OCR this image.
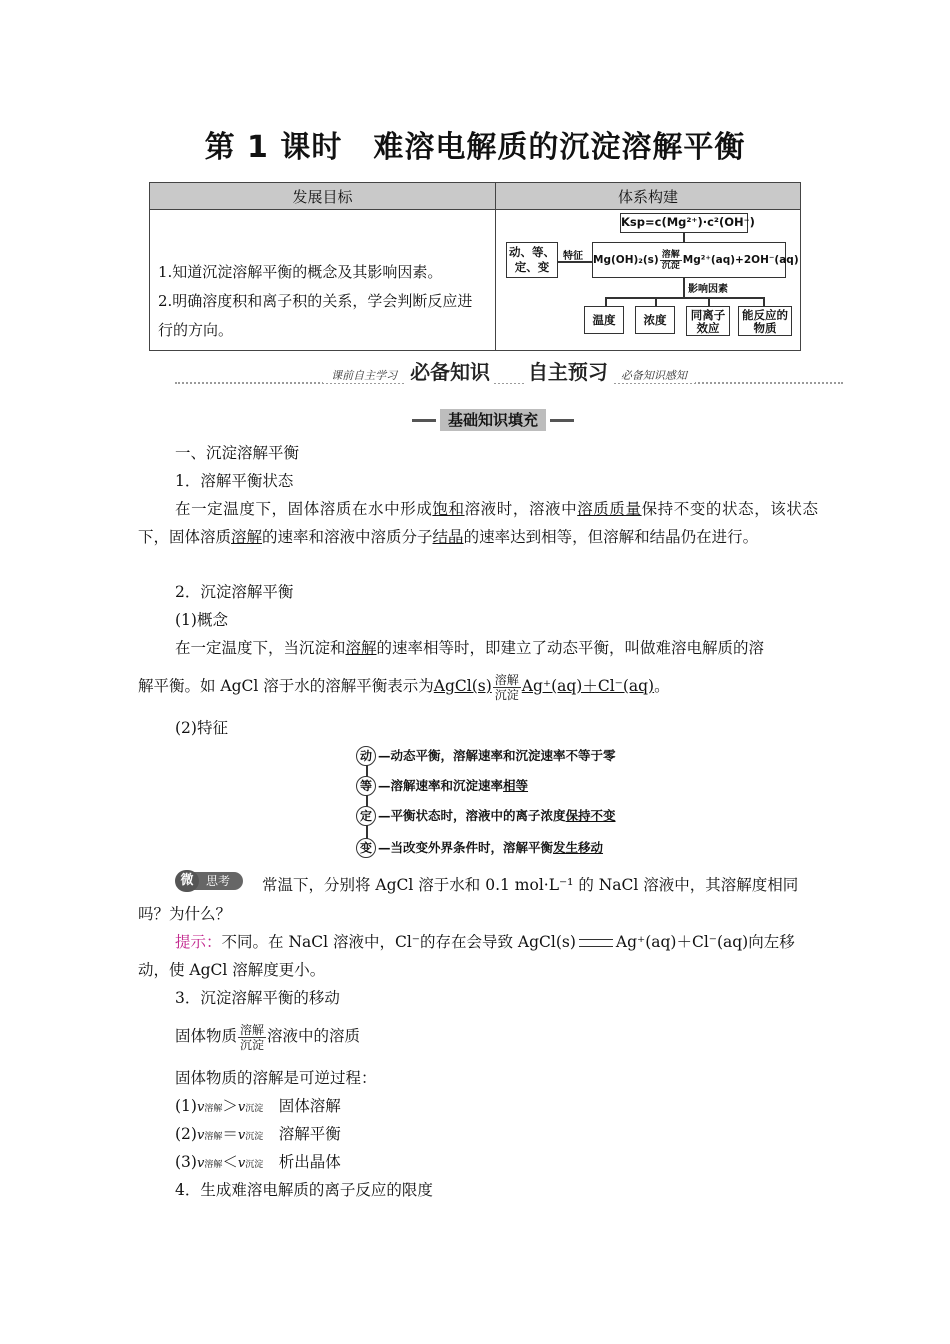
第 1 课时　难溶电解质的沉淀溶解平衡
发展目标	体系构建

1.知道沉淀溶解平衡的概念及其影响因素。
2.明确溶度积和离子积的关系，学会判断反应进行的方向。	

Ksp=c(Mg²⁺)·c²(OH⁻)
动、等、定、变
特征 $Mg(OH)_2(s) \frac{\text{溶解}}{\text{沉淀}} Mg^{2+}(aq)+2OH^-(aq)$
影响因素
温度	浓度	同离子效应
能反应的物质
课前自主学习 必备知识 自主预习 必备知识感知
基础知识填充
一、沉淀溶解平衡
1．溶解平衡状态
在一定温度下，固体溶质在水中形成饱和溶液时，溶液中溶质质量保持不变的状态，该状态下，固体溶质溶解的速率和溶液中溶质分子结晶的速率达到相等，但溶解和结晶仍在进行。
2．沉淀溶解平衡
(1)概念
在一定温度下，当沉淀和溶解的速率相等时，即建立了动态平衡，叫做难溶电解质的溶
解平衡。如 AgCl 溶于水的溶解平衡表示为AgCl(s) $\frac{\text{溶解}}{\text{沉淀}} Ag^+(aq)+Cl^-(aq)$。
(2)特征
动 —动态平衡，溶解速率和沉淀速率不等于零
等 —溶解速率和沉淀速率相等
定 —平衡状态时，溶液中的离子浓度保持不变
变 —当改变外界条件时，溶解平衡发生移动
思考
微	常温下，分别将 AgCl 溶于水和 0.1 mol·L⁻¹ 的 NaCl 溶液中，其溶解度相同
吗？为什么？
提示：不同。在 NaCl 溶液中，Cl⁻的存在会导致 AgCl(s)	Ag⁺(aq)＋Cl⁻(aq)向左移
动，使 AgCl 溶解度更小。
3．沉淀溶解平衡的移动
固体物质 $\frac{\text{溶解}}{\text{沉淀}}$ 溶液中的溶质
固体物质的溶解是可逆过程：
(1)v溶解＞v沉淀　 固体溶解
(2)v溶解＝v沉淀　 溶解平衡
(3)v溶解＜v沉淀　 析出晶体
4．生成难溶电解质的离子反应的限度
